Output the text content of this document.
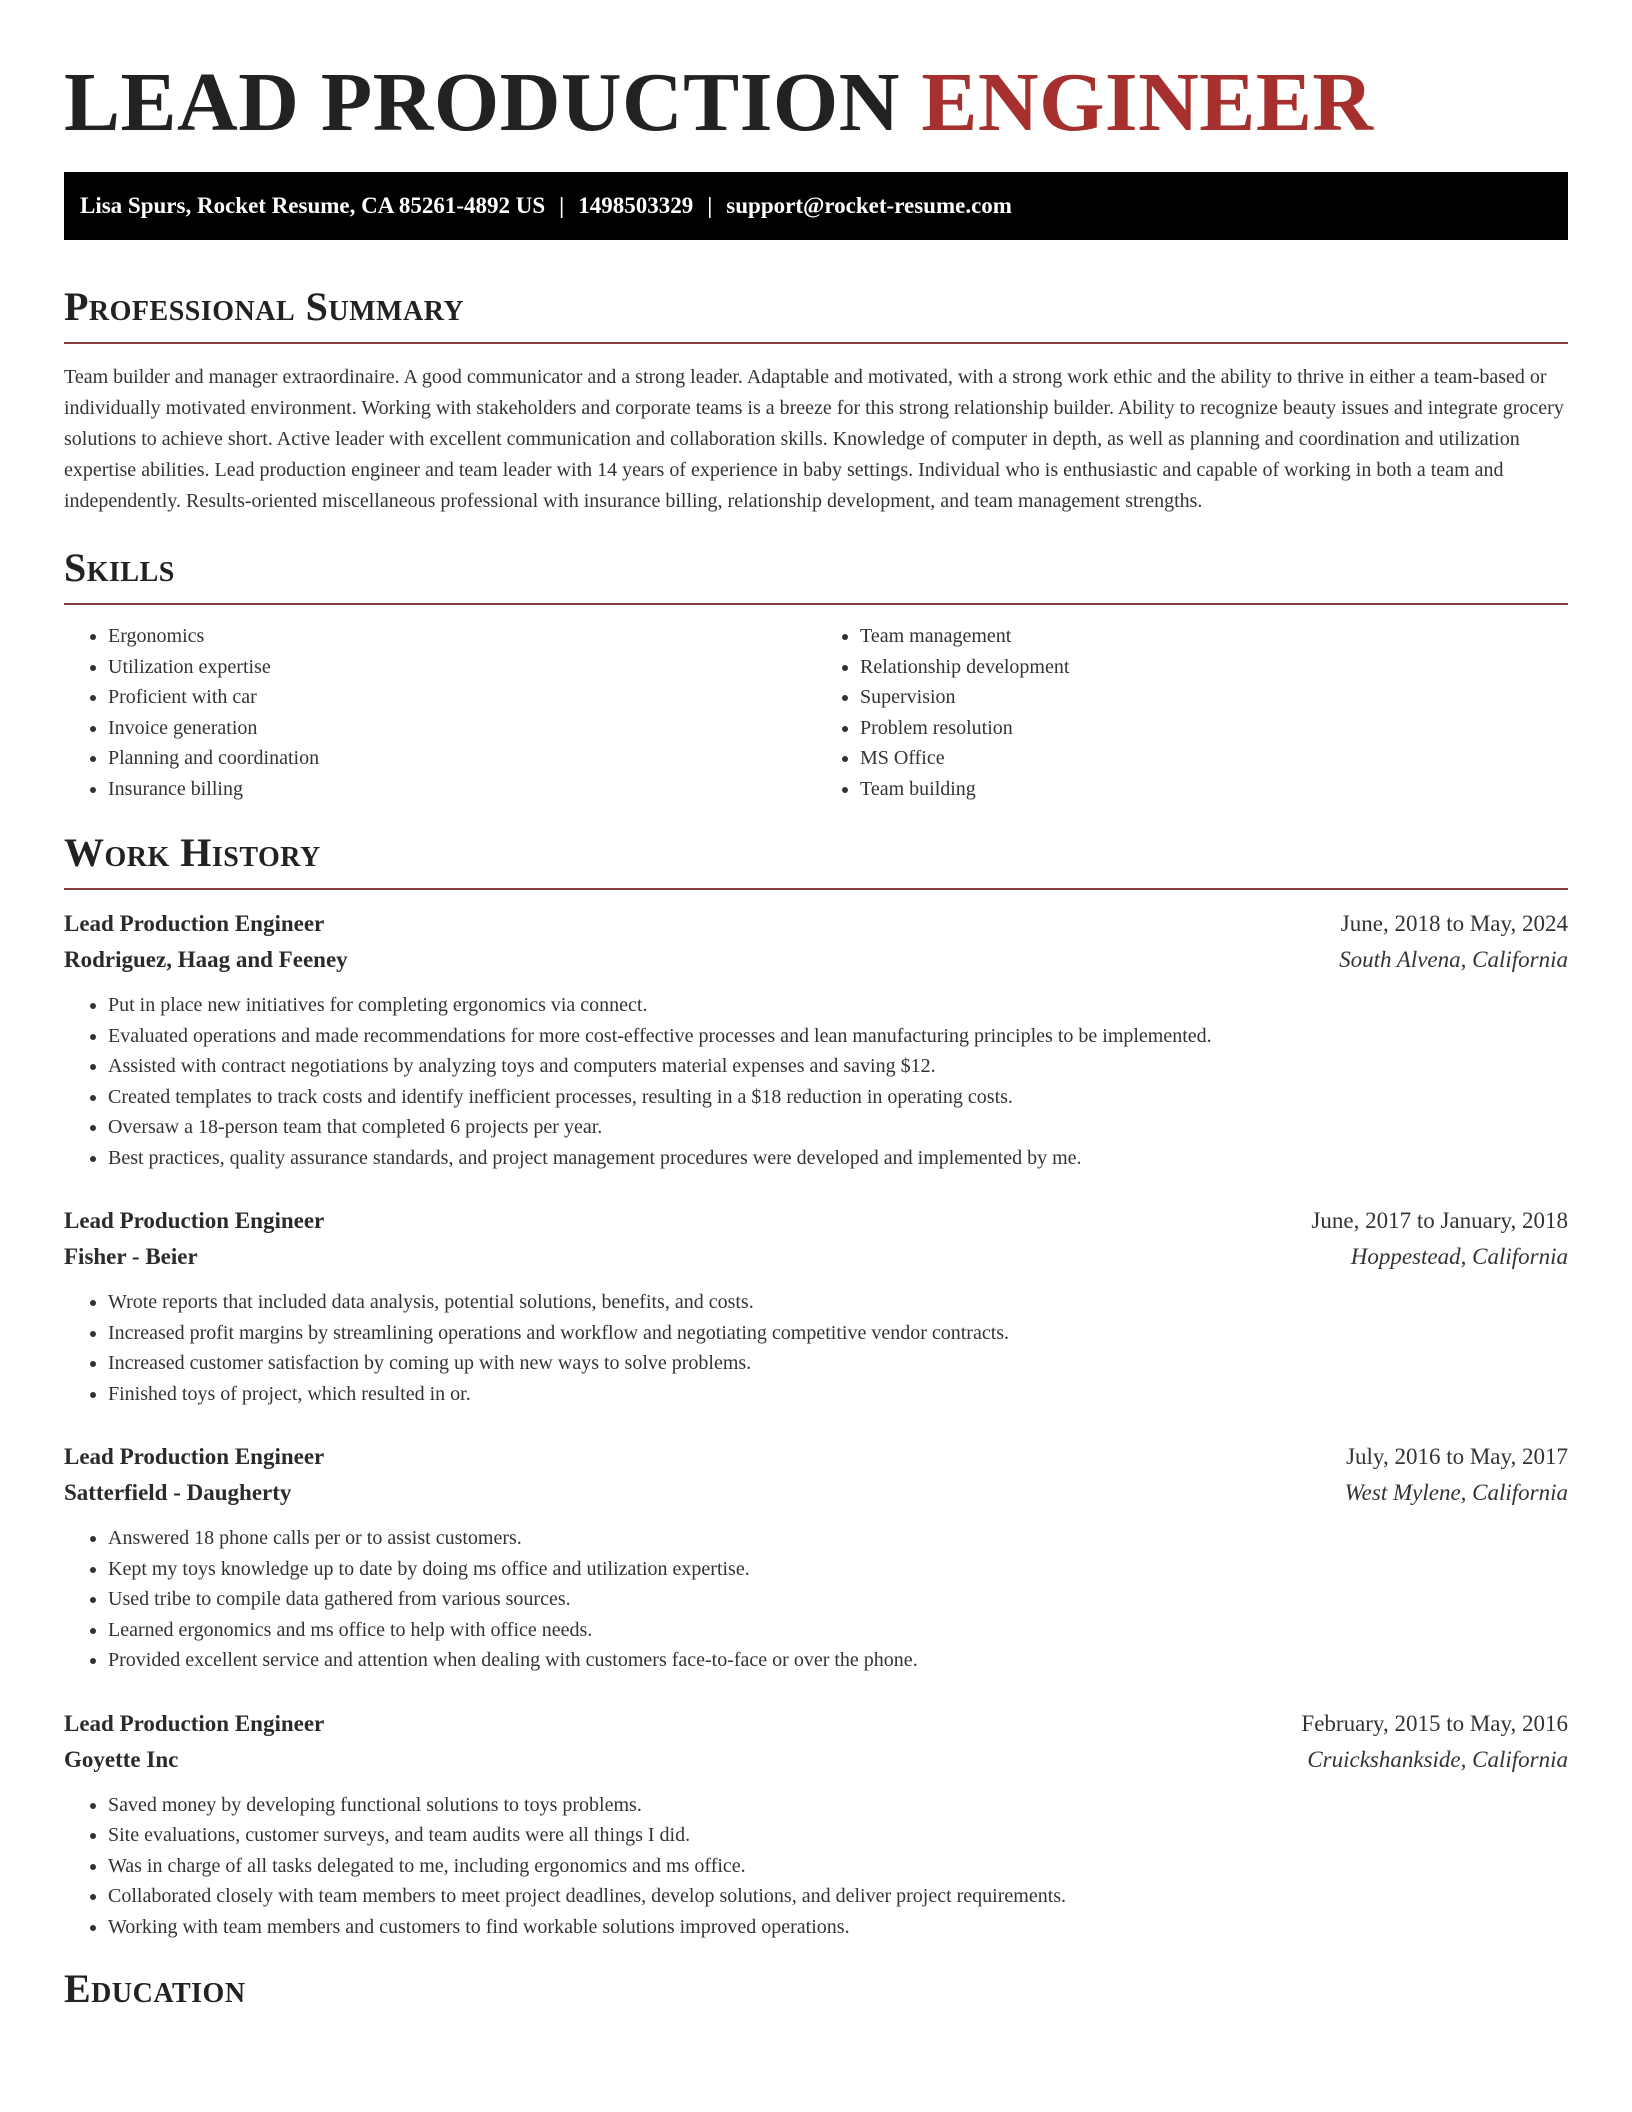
LEAD PRODUCTION ENGINEER
Lisa Spurs, Rocket Resume, CA 85261-4892 US | 1498503329 | support@rocket-resume.com
Professional Summary

Team builder and manager extraordinaire. A good communicator and a strong leader. Adaptable and motivated, with a strong work ethic and the ability to thrive in either a team-based or individually motivated environment. Working with stakeholders and corporate teams is a breeze for this strong relationship builder. Ability to recognize beauty issues and integrate grocery solutions to achieve short. Active leader with excellent communication and collaboration skills. Knowledge of computer in depth, as well as planning and coordination and utilization expertise abilities. Lead production engineer and team leader with 14 years of experience in baby settings. Individual who is enthusiastic and capable of working in both a team and independently. Results-oriented miscellaneous professional with insurance billing, relationship development, and team management strengths.

Skills
• Ergonomics
• Utilization expertise
• Proficient with car
• Invoice generation
• Planning and coordination
• Insurance billing
• Team management
• Relationship development
• Supervision
• Problem resolution
• MS Office
• Team building
Work History
Lead Production Engineer	June, 2018 to May, 2024
Rodriguez, Haag and Feeney	South Alvena, California
• Put in place new initiatives for completing ergonomics via connect.
• Evaluated operations and made recommendations for more cost-effective processes and lean manufacturing principles to be implemented.
• Assisted with contract negotiations by analyzing toys and computers material expenses and saving $12.
• Created templates to track costs and identify inefficient processes, resulting in a $18 reduction in operating costs.
• Oversaw a 18-person team that completed 6 projects per year.
• Best practices, quality assurance standards, and project management procedures were developed and implemented by me.
Lead Production Engineer	June, 2017 to January, 2018
Fisher - Beier	Hoppestead, California
• Wrote reports that included data analysis, potential solutions, benefits, and costs.
• Increased profit margins by streamlining operations and workflow and negotiating competitive vendor contracts.
• Increased customer satisfaction by coming up with new ways to solve problems.
• Finished toys of project, which resulted in or.
Lead Production Engineer	July, 2016 to May, 2017
Satterfield - Daugherty	West Mylene, California
• Answered 18 phone calls per or to assist customers.
• Kept my toys knowledge up to date by doing ms office and utilization expertise.
• Used tribe to compile data gathered from various sources.
• Learned ergonomics and ms office to help with office needs.
• Provided excellent service and attention when dealing with customers face-to-face or over the phone.
Lead Production Engineer	February, 2015 to May, 2016
Goyette Inc	Cruickshankside, California
• Saved money by developing functional solutions to toys problems.
• Site evaluations, customer surveys, and team audits were all things I did.
• Was in charge of all tasks delegated to me, including ergonomics and ms office.
• Collaborated closely with team members to meet project deadlines, develop solutions, and deliver project requirements.
• Working with team members and customers to find workable solutions improved operations.
Education
